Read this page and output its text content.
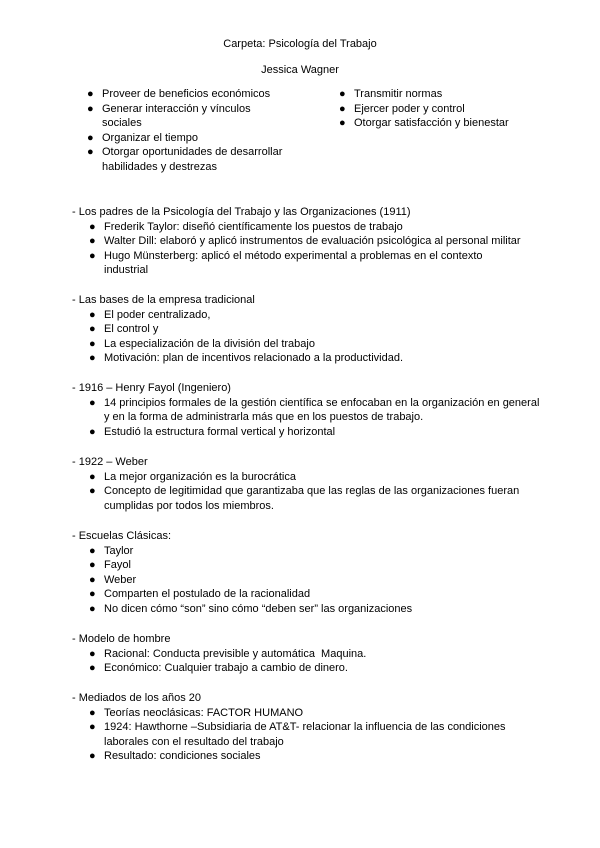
Carpeta: Psicología del Trabajo
Jessica Wagner
● Proveer de beneficios económicos
● Generar interacción y vínculos sociales
● Organizar el tiempo
● Otorgar oportunidades de desarrollar habilidades y destrezas
● Transmitir normas
● Ejercer poder y control
● Otorgar satisfacción y bienestar

- Los padres de la Psicología del Trabajo y las Organizaciones (1911)

● Frederik Taylor: diseñó científicamente los puestos de trabajo
● Walter Dill: elaboró y aplicó instrumentos de evaluación psicológica al personal militar
● Hugo Münsterberg: aplicó el método experimental a problemas en el contexto industrial

- Las bases de la empresa tradicional

● El poder centralizado,
● El control y
● La especialización de la división del trabajo
● Motivación: plan de incentivos relacionado a la productividad.

- 1916 – Henry Fayol (Ingeniero)

● 14 principios formales de la gestión científica se enfocaban en la organización en general y en la forma de administrarla más que en los puestos de trabajo.
● Estudió la estructura formal vertical y horizontal

- 1922 – Weber

● La mejor organización es la burocrática
● Concepto de legitimidad que garantizaba que las reglas de las organizaciones fueran cumplidas por todos los miembros.

- Escuelas Clásicas:

● Taylor
● Fayol
● Weber
● Comparten el postulado de la racionalidad
● No dicen cómo “son” sino cómo “deben ser” las organizaciones

- Modelo de hombre

● Racional: Conducta previsible y automática  Maquina.
● Económico: Cualquier trabajo a cambio de dinero.

- Mediados de los años 20

● Teorías neoclásicas: FACTOR HUMANO
● 1924: Hawthorne –Subsidiaria de AT&T- relacionar la influencia de las condiciones laborales con el resultado del trabajo
● Resultado: condiciones sociales
